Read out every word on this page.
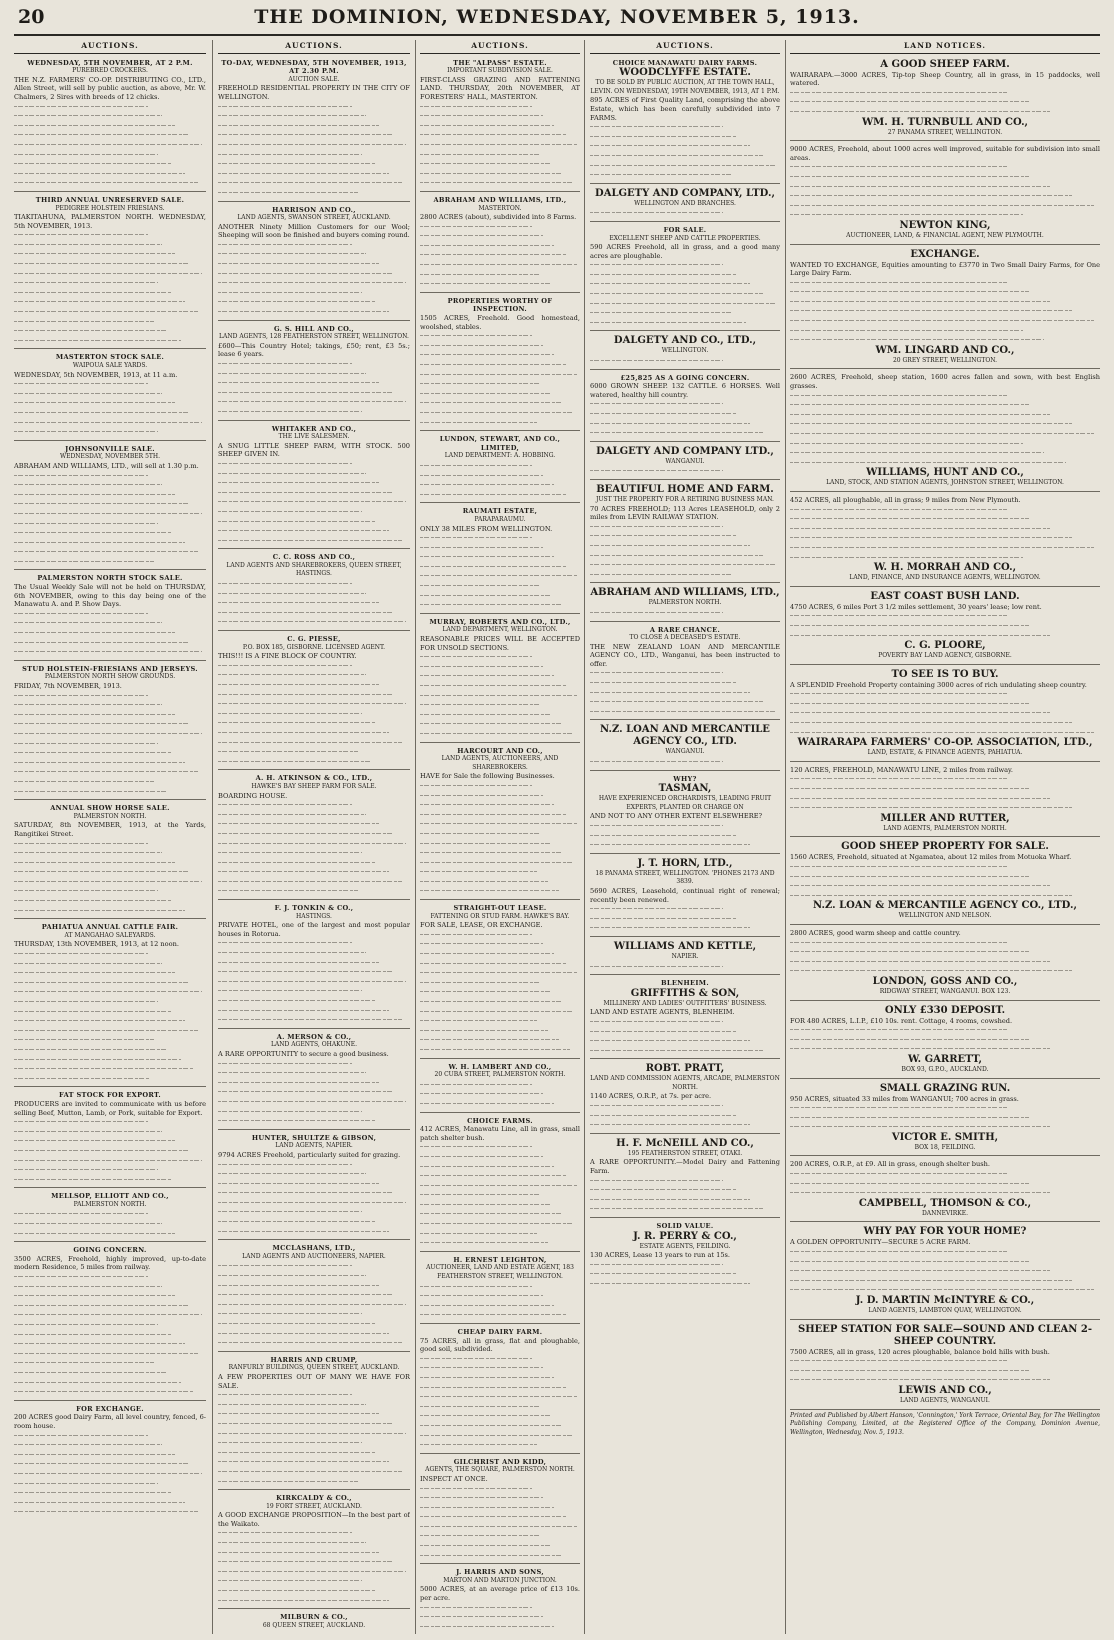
20	THE DOMINION, WEDNESDAY, NOVEMBER 5, 1913.
AUCTIONS.
WEDNESDAY, 5TH NOVEMBER, AT 2 P.M.
PUREBRED CROCKERS.
THE N.Z. FARMERS' CO-OP. DISTRIBUTING CO., LTD., Allen Street, will sell by public auction, as above, Mr. W. Chalmers, 2 Sires with breeds of 12 chicks.
THIRD ANNUAL UNRESERVED SALE.
PEDIGREE HOLSTEIN FRIESIANS.
TIAKITAHUNA, PALMERSTON NORTH. WEDNESDAY, 5th NOVEMBER, 1913.
MASTERTON STOCK SALE.
WAIPOUA SALE YARDS.
WEDNESDAY, 5th NOVEMBER, 1913, at 11 a.m.
JOHNSONVILLE SALE.
WEDNESDAY, NOVEMBER 5TH.
ABRAHAM AND WILLIAMS, LTD., will sell at 1.30 p.m.
PALMERSTON NORTH STOCK SALE.
The Usual Weekly Sale will not be held on THURSDAY, 6th NOVEMBER, owing to this day being one of the Manawatu A. and P. Show Days.
STUD HOLSTEIN-FRIESIANS AND JERSEYS.
PALMERSTON NORTH SHOW GROUNDS.
FRIDAY, 7th NOVEMBER, 1913.
ANNUAL SHOW HORSE SALE.
PALMERSTON NORTH.
SATURDAY, 8th NOVEMBER, 1913, at the Yards, Rangitikei Street.
PAHIATUA ANNUAL CATTLE FAIR.
AT MANGAHAO SALEYARDS.
THURSDAY, 13th NOVEMBER, 1913, at 12 noon.
FAT STOCK FOR EXPORT.
PRODUCERS are invited to communicate with us before selling Beef, Mutton, Lamb, or Pork, suitable for Export.
MELLSOP, ELLIOTT AND CO.,
PALMERSTON NORTH.
GOING CONCERN.
3500 ACRES, Freehold, highly improved, up-to-date modern Residence, 5 miles from railway.
FOR EXCHANGE.
200 ACRES good Dairy Farm, all level country, fenced, 6-room house.
AUCTIONS.
TO-DAY, WEDNESDAY, 5TH NOVEMBER, 1913, AT 2.30 P.M.
AUCTION SALE.
FREEHOLD RESIDENTIAL PROPERTY IN THE CITY OF WELLINGTON.
HARRISON AND CO.,
LAND AGENTS, SWANSON STREET, AUCKLAND.
ANOTHER Ninety Million Customers for our Wool; Sheeping will soon be finished and buyers coming round.
G. S. HILL AND CO.,
LAND AGENTS, 128 FEATHERSTON STREET, WELLINGTON.
£600—This Country Hotel; takings, £50; rent, £3 5s.; lease 6 years.
WHITAKER AND CO.,
THE LIVE SALESMEN.
A SNUG LITTLE SHEEP FARM, WITH STOCK. 500 SHEEP GIVEN IN.
C. C. ROSS AND CO.,
LAND AGENTS AND SHAREBROKERS, QUEEN STREET, HASTINGS.
C. G. PIESSE,
P.O. BOX 185, GISBORNE. LICENSED AGENT.
THIS!!! IS A FINE BLOCK OF COUNTRY.
A. H. ATKINSON & CO., LTD.,
HAWKE'S BAY SHEEP FARM FOR SALE.
BOARDING HOUSE.
F. J. TONKIN & CO.,
HASTINGS.
PRIVATE HOTEL, one of the largest and most popular houses in Rotorua.
A. MERSON & CO.,
LAND AGENTS, OHAKUNE.
A RARE OPPORTUNITY to secure a good business.
HUNTER, SHULTZE & GIBSON,
LAND AGENTS, NAPIER.
9794 ACRES Freehold, particularly suited for grazing.
MCCLASHANS, LTD.,
LAND AGENTS AND AUCTIONEERS, NAPIER.
HARRIS AND CRUMP,
RANFURLY BUILDINGS, QUEEN STREET, AUCKLAND.
A FEW PROPERTIES OUT OF MANY WE HAVE FOR SALE.
KIRKCALDY & CO.,
19 FORT STREET, AUCKLAND.
A GOOD EXCHANGE PROPOSITION—In the best part of the Waikato.
MILBURN & CO.,
68 QUEEN STREET, AUCKLAND.
AUCTIONS.
THE "ALPASS" ESTATE.
IMPORTANT SUBDIVISION SALE.
FIRST-CLASS GRAZING AND FATTENING LAND. THURSDAY, 20th NOVEMBER, AT FORESTERS' HALL, MASTERTON.
ABRAHAM AND WILLIAMS, LTD.,
MASTERTON.
2800 ACRES (about), subdivided into 8 Farms.
PROPERTIES WORTHY OF INSPECTION.
1505 ACRES, Freehold. Good homestead, woolshed, stables.
LUNDON, STEWART, AND CO., LIMITED,
LAND DEPARTMENT: A. HOBBING.
RAUMATI ESTATE,
PARAPARAUMU.
ONLY 38 MILES FROM WELLINGTON.
MURRAY, ROBERTS AND CO., LTD.,
LAND DEPARTMENT, WELLINGTON.
REASONABLE PRICES WILL BE ACCEPTED FOR UNSOLD SECTIONS.
HARCOURT AND CO.,
LAND AGENTS, AUCTIONEERS, AND SHAREBROKERS.
HAVE for Sale the following Businesses.
STRAIGHT-OUT LEASE.
FATTENING OR STUD FARM. HAWKE'S BAY.
FOR SALE, LEASE, OR EXCHANGE.
W. H. LAMBERT AND CO.,
20 CUBA STREET, PALMERSTON NORTH.
CHOICE FARMS.
412 ACRES, Manawatu Line, all in grass, small patch shelter bush.
H. ERNEST LEIGHTON,
AUCTIONEER, LAND AND ESTATE AGENT, 183 FEATHERSTON STREET, WELLINGTON.
CHEAP DAIRY FARM.
75 ACRES, all in grass, flat and ploughable, good soil, subdivided.
GILCHRIST AND KIDD,
AGENTS, THE SQUARE, PALMERSTON NORTH.
INSPECT AT ONCE.
J. HARRIS AND SONS,
MARTON AND MARTON JUNCTION.
5000 ACRES, at an average price of £13 10s. per acre.
AUCTIONS.
CHOICE MANAWATU DAIRY FARMS.
WOODCLYFFE ESTATE.
TO BE SOLD BY PUBLIC AUCTION, AT THE TOWN HALL, LEVIN. ON WEDNESDAY, 19TH NOVEMBER, 1913, AT 1 P.M.
895 ACRES of First Quality Land, comprising the above Estate, which has been carefully subdivided into 7 FARMS.
DALGETY AND COMPANY, LTD.,
WELLINGTON AND BRANCHES.
FOR SALE.
EXCELLENT SHEEP AND CATTLE PROPERTIES.
590 ACRES Freehold, all in grass, and a good many acres are ploughable.
DALGETY AND CO., LTD.,
WELLINGTON.
£25,825 AS A GOING CONCERN.
6000 GROWN SHEEP. 132 CATTLE. 6 HORSES. Well watered, healthy hill country.
DALGETY AND COMPANY LTD.,
WANGANUI.
BEAUTIFUL HOME AND FARM.
JUST THE PROPERTY FOR A RETIRING BUSINESS MAN.
70 ACRES FREEHOLD; 113 Acres LEASEHOLD, only 2 miles from LEVIN RAILWAY STATION.
ABRAHAM AND WILLIAMS, LTD.,
PALMERSTON NORTH.
A RARE CHANCE.
TO CLOSE A DECEASED'S ESTATE.
THE NEW ZEALAND LOAN AND MERCANTILE AGENCY CO., LTD., Wanganui, has been instructed to offer.
N.Z. LOAN AND MERCANTILE AGENCY CO., LTD.
WANGANUI.
WHY?
TASMAN,
HAVE EXPERIENCED ORCHARDISTS, LEADING FRUIT EXPERTS, PLANTED OR CHARGE ON
AND NOT TO ANY OTHER EXTENT ELSEWHERE?
J. T. HORN, LTD.,
18 PANAMA STREET, WELLINGTON. 'PHONES 2173 AND 3839.
5690 ACRES, Leasehold, continual right of renewal; recently been renewed.
WILLIAMS AND KETTLE,
NAPIER.
BLENHEIM.
GRIFFITHS & SON,
MILLINERY AND LADIES' OUTFITTERS' BUSINESS.
LAND AND ESTATE AGENTS, BLENHEIM.
ROBT. PRATT,
LAND AND COMMISSION AGENTS, ARCADE, PALMERSTON NORTH.
1140 ACRES, O.R.P., at 7s. per acre.
H. F. McNEILL AND CO.,
195 FEATHERSTON STREET, OTAKI.
A RARE OPPORTUNITY.—Model Dairy and Fattening Farm.
SOLID VALUE.
J. R. PERRY & CO.,
ESTATE AGENTS, FEILDING.
130 ACRES, Lease 13 years to run at 15s.
LAND NOTICES.
A GOOD SHEEP FARM.
WAIRARAPA.—3000 ACRES, Tip-top Sheep Country, all in grass, in 15 paddocks, well watered.
WM. H. TURNBULL AND CO.,
27 PANAMA STREET, WELLINGTON.
9000 ACRES, Freehold, about 1000 acres well improved, suitable for subdivision into small areas.
NEWTON KING,
AUCTIONEER, LAND, & FINANCIAL AGENT, NEW PLYMOUTH.
EXCHANGE.
WANTED TO EXCHANGE, Equities amounting to £3770 in Two Small Dairy Farms, for One Large Dairy Farm.
WM. LINGARD AND CO.,
20 GREY STREET, WELLINGTON.
2600 ACRES, Freehold, sheep station, 1600 acres fallen and sown, with best English grasses.
WILLIAMS, HUNT AND CO.,
LAND, STOCK, AND STATION AGENTS, JOHNSTON STREET, WELLINGTON.
452 ACRES, all ploughable, all in grass; 9 miles from New Plymouth.
W. H. MORRAH AND CO.,
LAND, FINANCE, AND INSURANCE AGENTS, WELLINGTON.
EAST COAST BUSH LAND.
4750 ACRES, 6 miles Port 3 1/2 miles settlement, 30 years' lease; low rent.
C. G. PLOORE,
POVERTY BAY LAND AGENCY, GISBORNE.
TO SEE IS TO BUY.
A SPLENDID Freehold Property containing 3000 acres of rich undulating sheep country.
WAIRARAPA FARMERS' CO-OP. ASSOCIATION, LTD.,
LAND, ESTATE, & FINANCE AGENTS, PAHIATUA.
120 ACRES, FREEHOLD, MANAWATU LINE, 2 miles from railway.
MILLER AND RUTTER,
LAND AGENTS, PALMERSTON NORTH.
GOOD SHEEP PROPERTY FOR SALE.
1560 ACRES, Freehold, situated at Ngamatea, about 12 miles from Motuoka Wharf.
N.Z. LOAN & MERCANTILE AGENCY CO., LTD.,
WELLINGTON AND NELSON.
2800 ACRES, good warm sheep and cattle country.
LONDON, GOSS AND CO.,
RIDGWAY STREET, WANGANUI. BOX 123.
ONLY £330 DEPOSIT.
FOR 480 ACRES, L.I.P., £10 10s. rent. Cottage, 4 rooms, cowshed.
W. GARRETT,
BOX 93, G.P.O., AUCKLAND.
SMALL GRAZING RUN.
950 ACRES, situated 33 miles from WANGANUI; 700 acres in grass.
VICTOR E. SMITH,
BOX 18, FEILDING.
200 ACRES, O.R.P., at £9. All in grass, enough shelter bush.
CAMPBELL, THOMSON & CO.,
DANNEVIRKE.
WHY PAY FOR YOUR HOME?
A GOLDEN OPPORTUNITY—SECURE 5 ACRE FARM.
J. D. MARTIN McINTYRE & CO.,
LAND AGENTS, LAMBTON QUAY, WELLINGTON.
SHEEP STATION FOR SALE—SOUND AND CLEAN 2-SHEEP COUNTRY.
7500 ACRES, all in grass, 120 acres ploughable, balance bold hills with bush.
LEWIS AND CO.,
LAND AGENTS, WANGANUI.
Printed and Published by Albert Hanson, 'Connington,' York Terrace, Oriental Bay, for The Wellington Publishing Company, Limited, at the Registered Office of the Company, Dominion Avenue, Wellington, Wednesday, Nov. 5, 1913.
